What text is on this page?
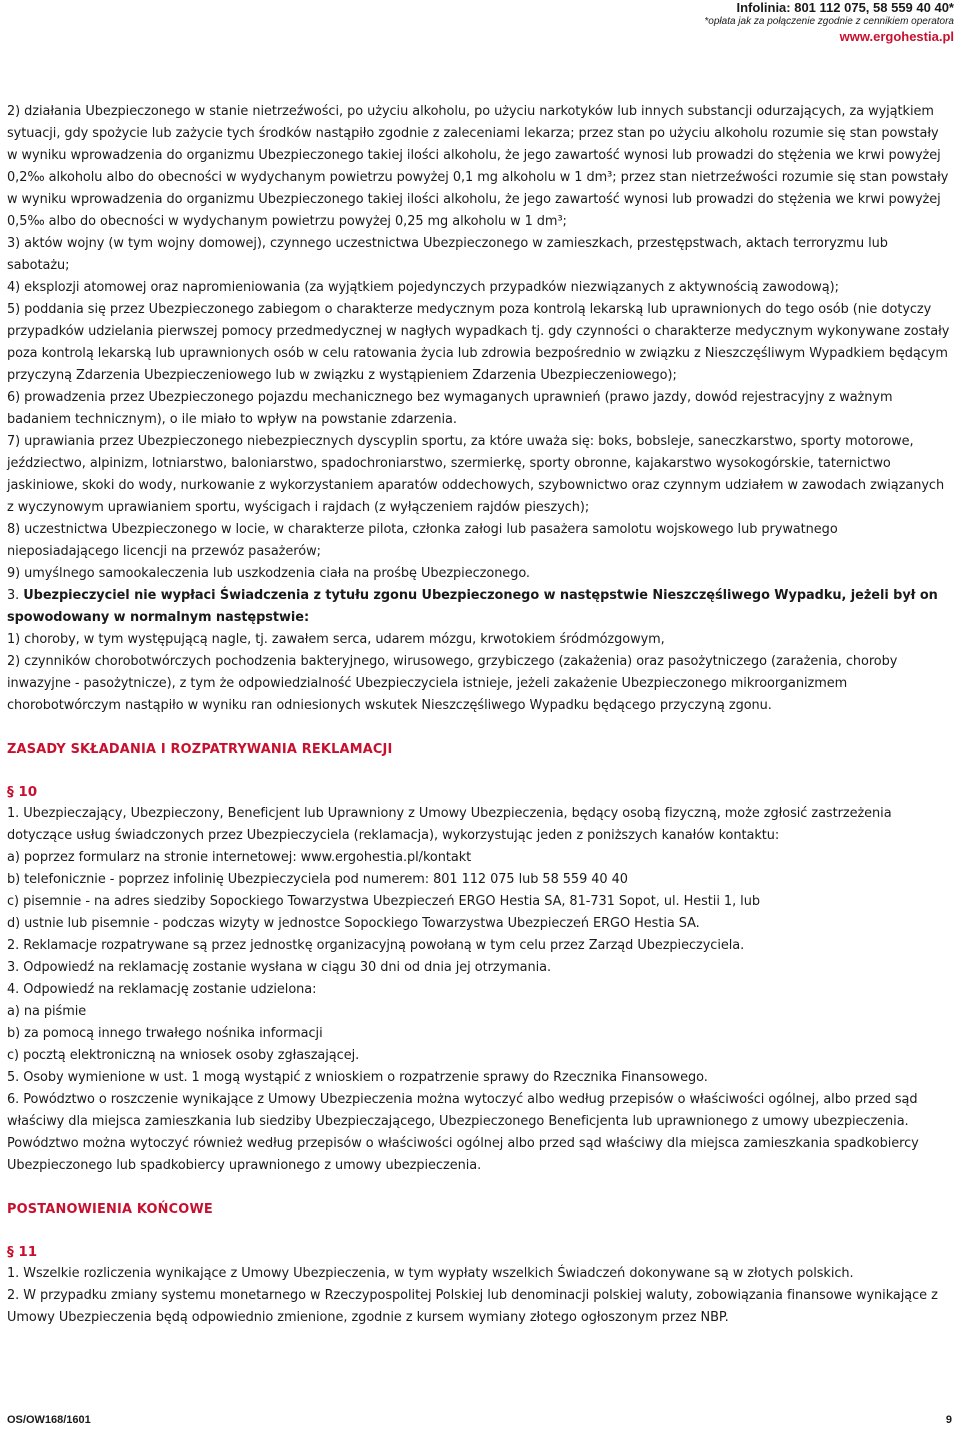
Infolinia: 801 112 075, 58 559 40 40*
*opłata jak za połączenie zgodnie z cennikiem operatora
www.ergohestia.pl

2) działania Ubezpieczonego w stanie nietrzeźwości, po użyciu alkoholu, po użyciu narkotyków lub innych substancji odurzających, za wyjątkiem sytuacji, gdy spożycie lub zażycie tych środków nastąpiło zgodnie z zaleceniami lekarza; przez stan po użyciu alkoholu rozumie się stan powstały w wyniku wprowadzenia do organizmu Ubezpieczonego takiej ilości alkoholu, że jego zawartość wynosi lub prowadzi do stężenia we krwi powyżej 0,2‰ alkoholu albo do obecności w wydychanym powietrzu powyżej 0,1 mg alkoholu w 1 dm³; przez stan nietrzeźwości rozumie się stan powstały w wyniku wprowadzenia do organizmu Ubezpieczonego takiej ilości alkoholu, że jego zawartość wynosi lub prowadzi do stężenia we krwi powyżej 0,5‰ albo do obecności w wydychanym powietrzu powyżej 0,25 mg alkoholu w 1 dm³;

3) aktów wojny (w tym wojny domowej), czynnego uczestnictwa Ubezpieczonego w zamieszkach, przestępstwach, aktach terroryzmu lub sabotażu;

4) eksplozji atomowej oraz napromieniowania (za wyjątkiem pojedynczych przypadków niezwiązanych z aktywnością zawodową);

5) poddania się przez Ubezpieczonego zabiegom o charakterze medycznym poza kontrolą lekarską lub uprawnionych do tego osób (nie dotyczy przypadków udzielania pierwszej pomocy przedmedycznej w nagłych wypadkach tj. gdy czynności o charakterze medycznym wykonywane zostały poza kontrolą lekarską lub uprawnionych osób w celu ratowania życia lub zdrowia bezpośrednio w związku z Nieszczęśliwym Wypadkiem będącym przyczyną Zdarzenia Ubezpieczeniowego lub w związku z wystąpieniem Zdarzenia Ubezpieczeniowego);

6) prowadzenia przez Ubezpieczonego pojazdu mechanicznego bez wymaganych uprawnień (prawo jazdy, dowód rejestracyjny z ważnym badaniem technicznym), o ile miało to wpływ na powstanie zdarzenia.

7) uprawiania przez Ubezpieczonego niebezpiecznych dyscyplin sportu, za które uważa się: boks, bobsleje, saneczkarstwo, sporty motorowe, jeździectwo, alpinizm, lotniarstwo, baloniarstwo, spadochroniarstwo, szermierkę, sporty obronne, kajakarstwo wysokogórskie, taternictwo jaskiniowe, skoki do wody, nurkowanie z wykorzystaniem aparatów oddechowych, szybownictwo oraz czynnym udziałem w zawodach związanych z wyczynowym uprawianiem sportu, wyścigach i rajdach (z wyłączeniem rajdów pieszych);

8) uczestnictwa Ubezpieczonego w locie, w charakterze pilota, członka załogi lub pasażera samolotu wojskowego lub prywatnego nieposiadającego licencji na przewóz pasażerów;

9) umyślnego samookaleczenia lub uszkodzenia ciała na prośbę Ubezpieczonego.

3. Ubezpieczyciel nie wypłaci Świadczenia z tytułu zgonu Ubezpieczonego w następstwie Nieszczęśliwego Wypadku, jeżeli był on spowodowany w normalnym następstwie:

1) choroby, w tym występującą nagle, tj. zawałem serca, udarem mózgu, krwotokiem śródmózgowym,

2) czynników chorobotwórczych pochodzenia bakteryjnego, wirusowego, grzybiczego (zakażenia) oraz pasożytniczego (zarażenia, choroby inwazyjne - pasożytnicze), z tym że odpowiedzialność Ubezpieczyciela istnieje, jeżeli zakażenie Ubezpieczonego mikroorganizmem chorobotwórczym nastąpiło w wyniku ran odniesionych wskutek Nieszczęśliwego Wypadku będącego przyczyną zgonu.

ZASADY SKŁADANIA I ROZPATRYWANIA REKLAMACJI

§ 10

1. Ubezpieczający, Ubezpieczony, Beneficjent lub Uprawniony z Umowy Ubezpieczenia, będący osobą fizyczną, może zgłosić zastrzeżenia dotyczące usług świadczonych przez Ubezpieczyciela (reklamacja), wykorzystując jeden z poniższych kanałów kontaktu:

a) poprzez formularz na stronie internetowej: www.ergohestia.pl/kontakt

b) telefonicznie - poprzez infolinię Ubezpieczyciela pod numerem: 801 112 075 lub 58 559 40 40

c) pisemnie - na adres siedziby Sopockiego Towarzystwa Ubezpieczeń ERGO Hestia SA, 81-731 Sopot, ul. Hestii 1, lub

d) ustnie lub pisemnie - podczas wizyty w jednostce Sopockiego Towarzystwa Ubezpieczeń ERGO Hestia SA.

2. Reklamacje rozpatrywane są przez jednostkę organizacyjną powołaną w tym celu przez Zarząd Ubezpieczyciela.

3. Odpowiedź na reklamację zostanie wysłana w ciągu 30 dni od dnia jej otrzymania.

4. Odpowiedź na reklamację zostanie udzielona:

a) na piśmie

b) za pomocą innego trwałego nośnika informacji

c) pocztą elektroniczną na wniosek osoby zgłaszającej.

5. Osoby wymienione w ust. 1 mogą wystąpić z wnioskiem o rozpatrzenie sprawy do Rzecznika Finansowego.

6. Powództwo o roszczenie wynikające z Umowy Ubezpieczenia można wytoczyć albo według przepisów o właściwości ogólnej, albo przed sąd właściwy dla miejsca zamieszkania lub siedziby Ubezpieczającego, Ubezpieczonego Beneficjenta lub uprawnionego z umowy ubezpieczenia. Powództwo można wytoczyć również według przepisów o właściwości ogólnej albo przed sąd właściwy dla miejsca zamieszkania spadkobiercy Ubezpieczonego lub spadkobiercy uprawnionego z umowy ubezpieczenia.

POSTANOWIENIA KOŃCOWE

§ 11

1. Wszelkie rozliczenia wynikające z Umowy Ubezpieczenia, w tym wypłaty wszelkich Świadczeń dokonywane są w złotych polskich.

2. W przypadku zmiany systemu monetarnego w Rzeczypospolitej Polskiej lub denominacji polskiej waluty, zobowiązania finansowe wynikające z Umowy Ubezpieczenia będą odpowiednio zmienione, zgodnie z kursem wymiany złotego ogłoszonym przez NBP.

OS/OW168/1601	9
